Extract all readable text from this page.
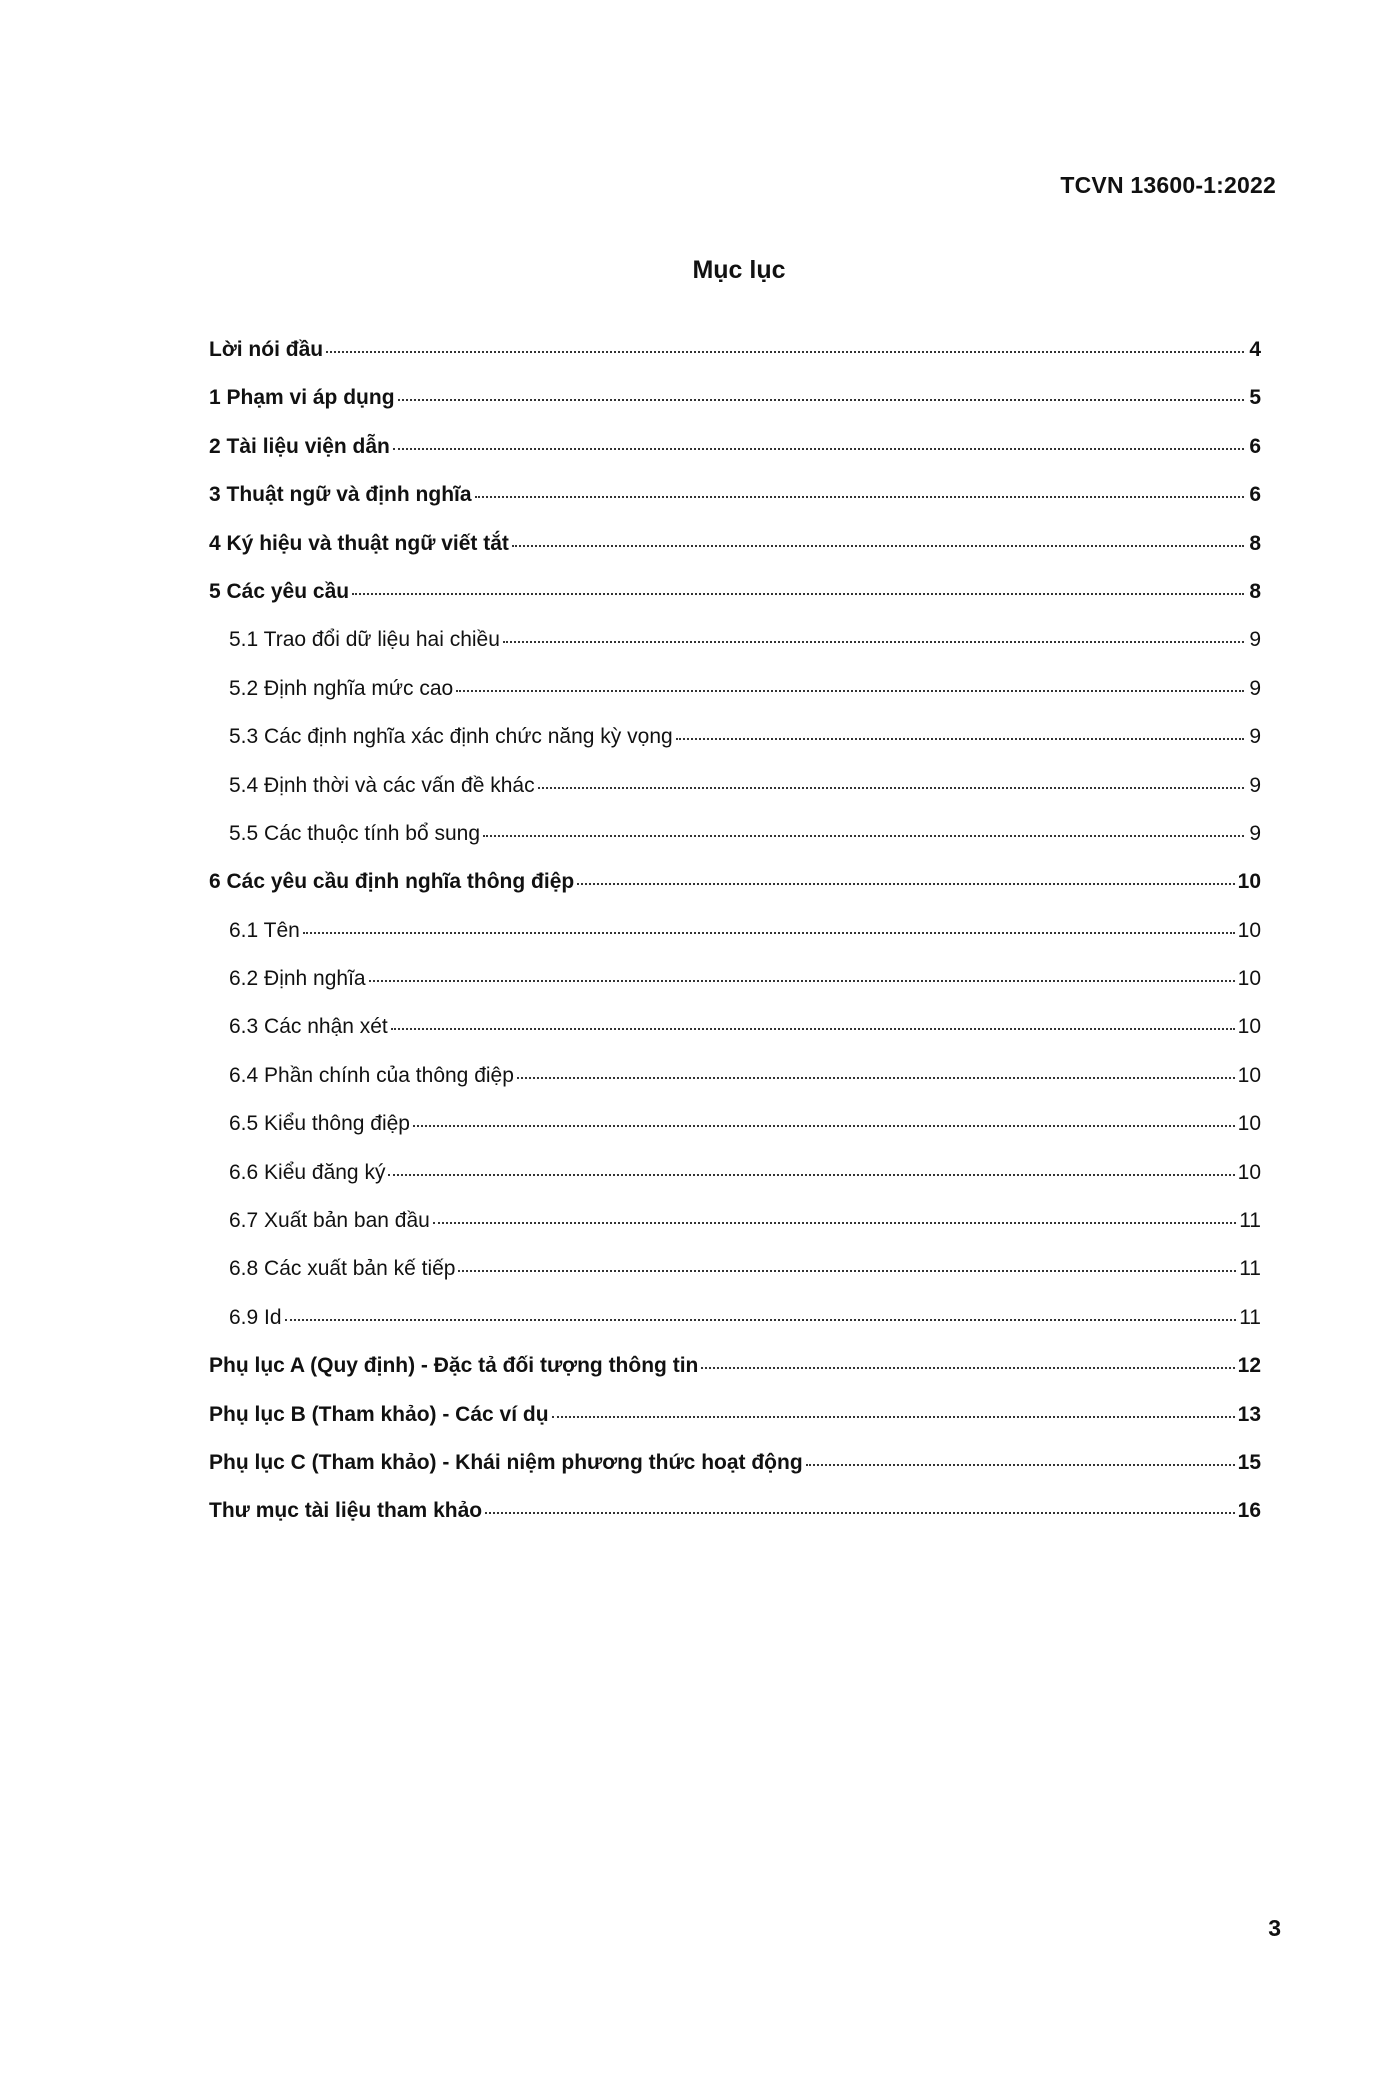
TCVN 13600-1:2022
Mục lục
Lời nói đầu	4
1 Phạm vi áp dụng	5
2 Tài liệu viện dẫn	6
3 Thuật ngữ và định nghĩa	6
4 Ký hiệu và thuật ngữ viết tắt	8
5 Các yêu cầu	8
5.1 Trao đổi dữ liệu hai chiều	9
5.2 Định nghĩa mức cao	9
5.3 Các định nghĩa xác định chức năng kỳ vọng	9
5.4 Định thời và các vấn đề khác	9
5.5 Các thuộc tính bổ sung	9
6 Các yêu cầu định nghĩa thông điệp	10
6.1 Tên	10
6.2 Định nghĩa	10
6.3 Các nhận xét	10
6.4 Phần chính của thông điệp	10
6.5 Kiểu thông điệp	10
6.6 Kiểu đăng ký	10
6.7 Xuất bản ban đầu	11
6.8 Các xuất bản kế tiếp	11
6.9 Id	11
Phụ lục A (Quy định) - Đặc tả đối tượng thông tin	12
Phụ lục B (Tham khảo) - Các ví dụ	13
Phụ lục C (Tham khảo) - Khái niệm phương thức hoạt động	15
Thư mục tài liệu tham khảo	16
3
